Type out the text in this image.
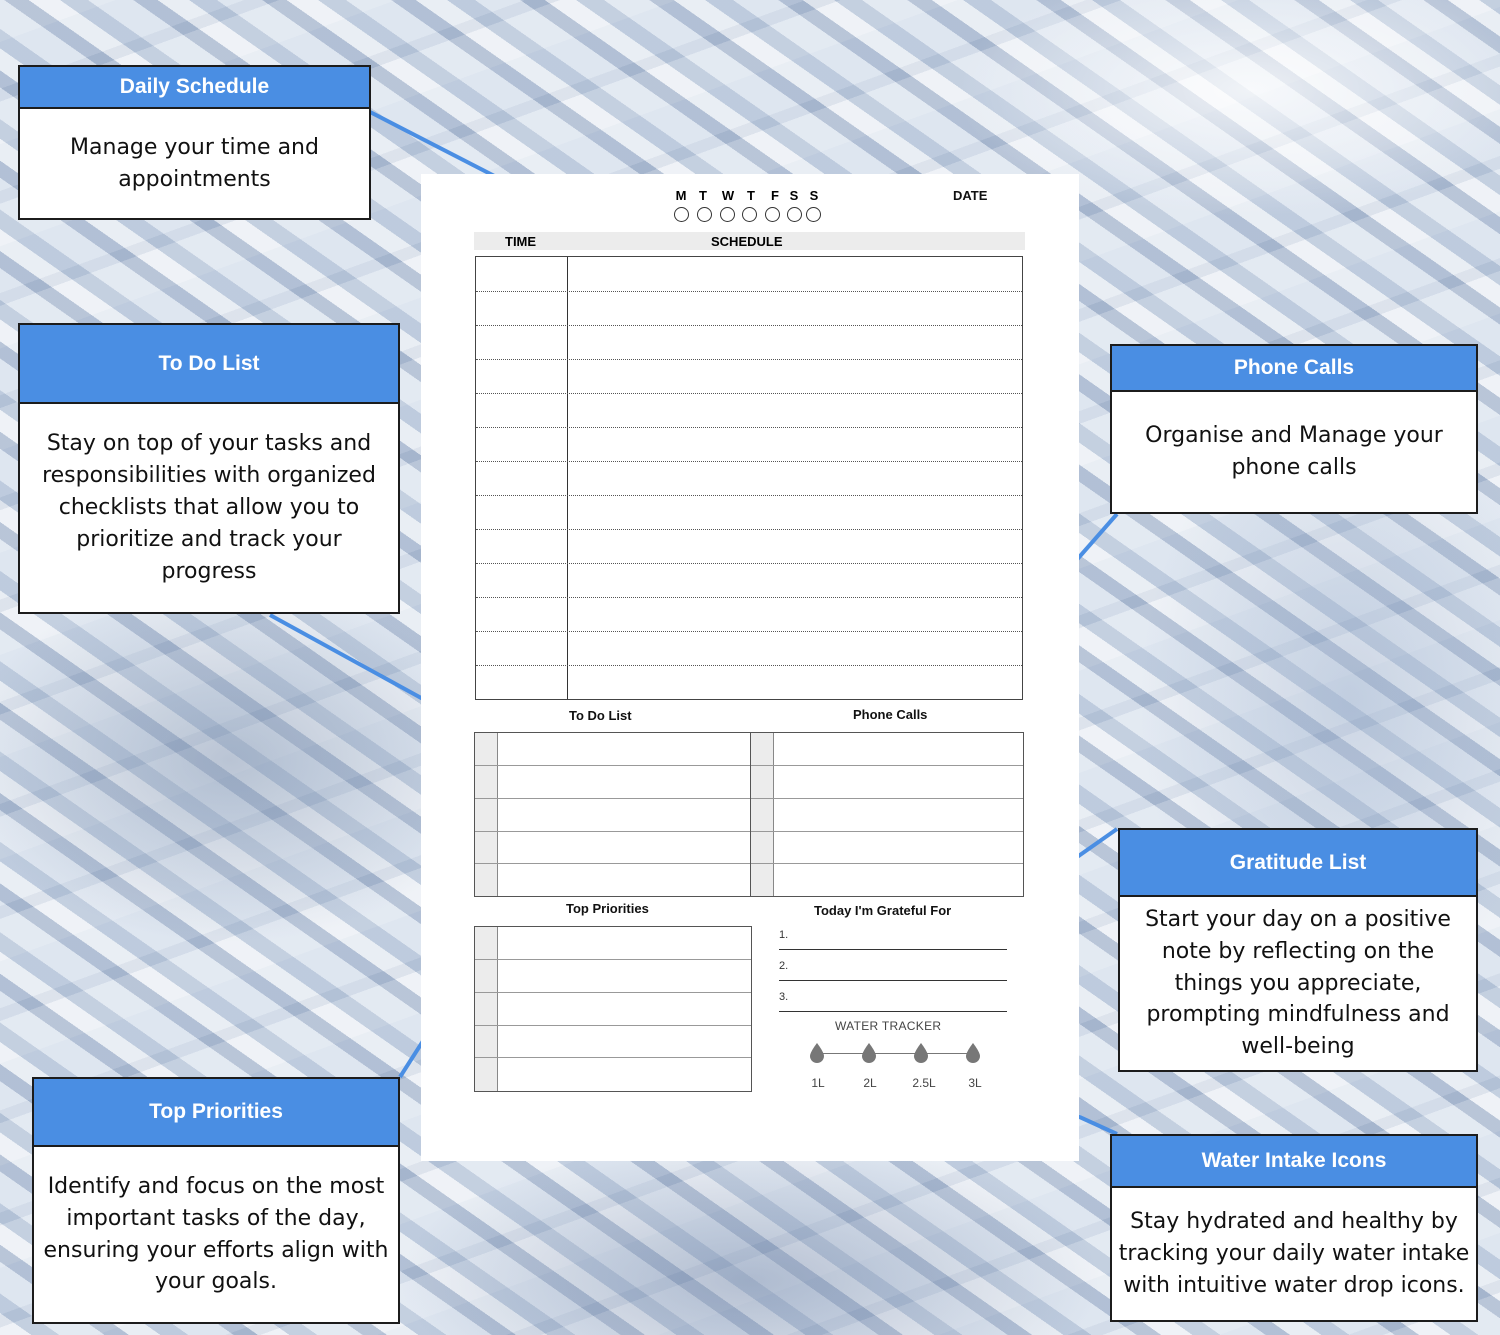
M T	W T	F S S	DATE
TIME	SCHEDULE
To Do List	Phone Calls
Top Priorities	Today I'm Grateful For
1.
2.
3.
WATER TRACKER
1L	2L	2.5L	3L
Daily Schedule
Manage your time and appointments
To Do List
Stay on top of your tasks and responsibilities with organized checklists that allow you to prioritize and track your progress
Phone Calls
Organise and Manage your phone calls
Gratitude List
Start your day on a positive note by reflecting on the things you appreciate, prompting mindfulness and well-being
Top Priorities
Identify and focus on the most important tasks of the day, ensuring your efforts align with your goals.
Water Intake Icons
Stay hydrated and healthy by tracking your daily water intake with intuitive water drop icons.
